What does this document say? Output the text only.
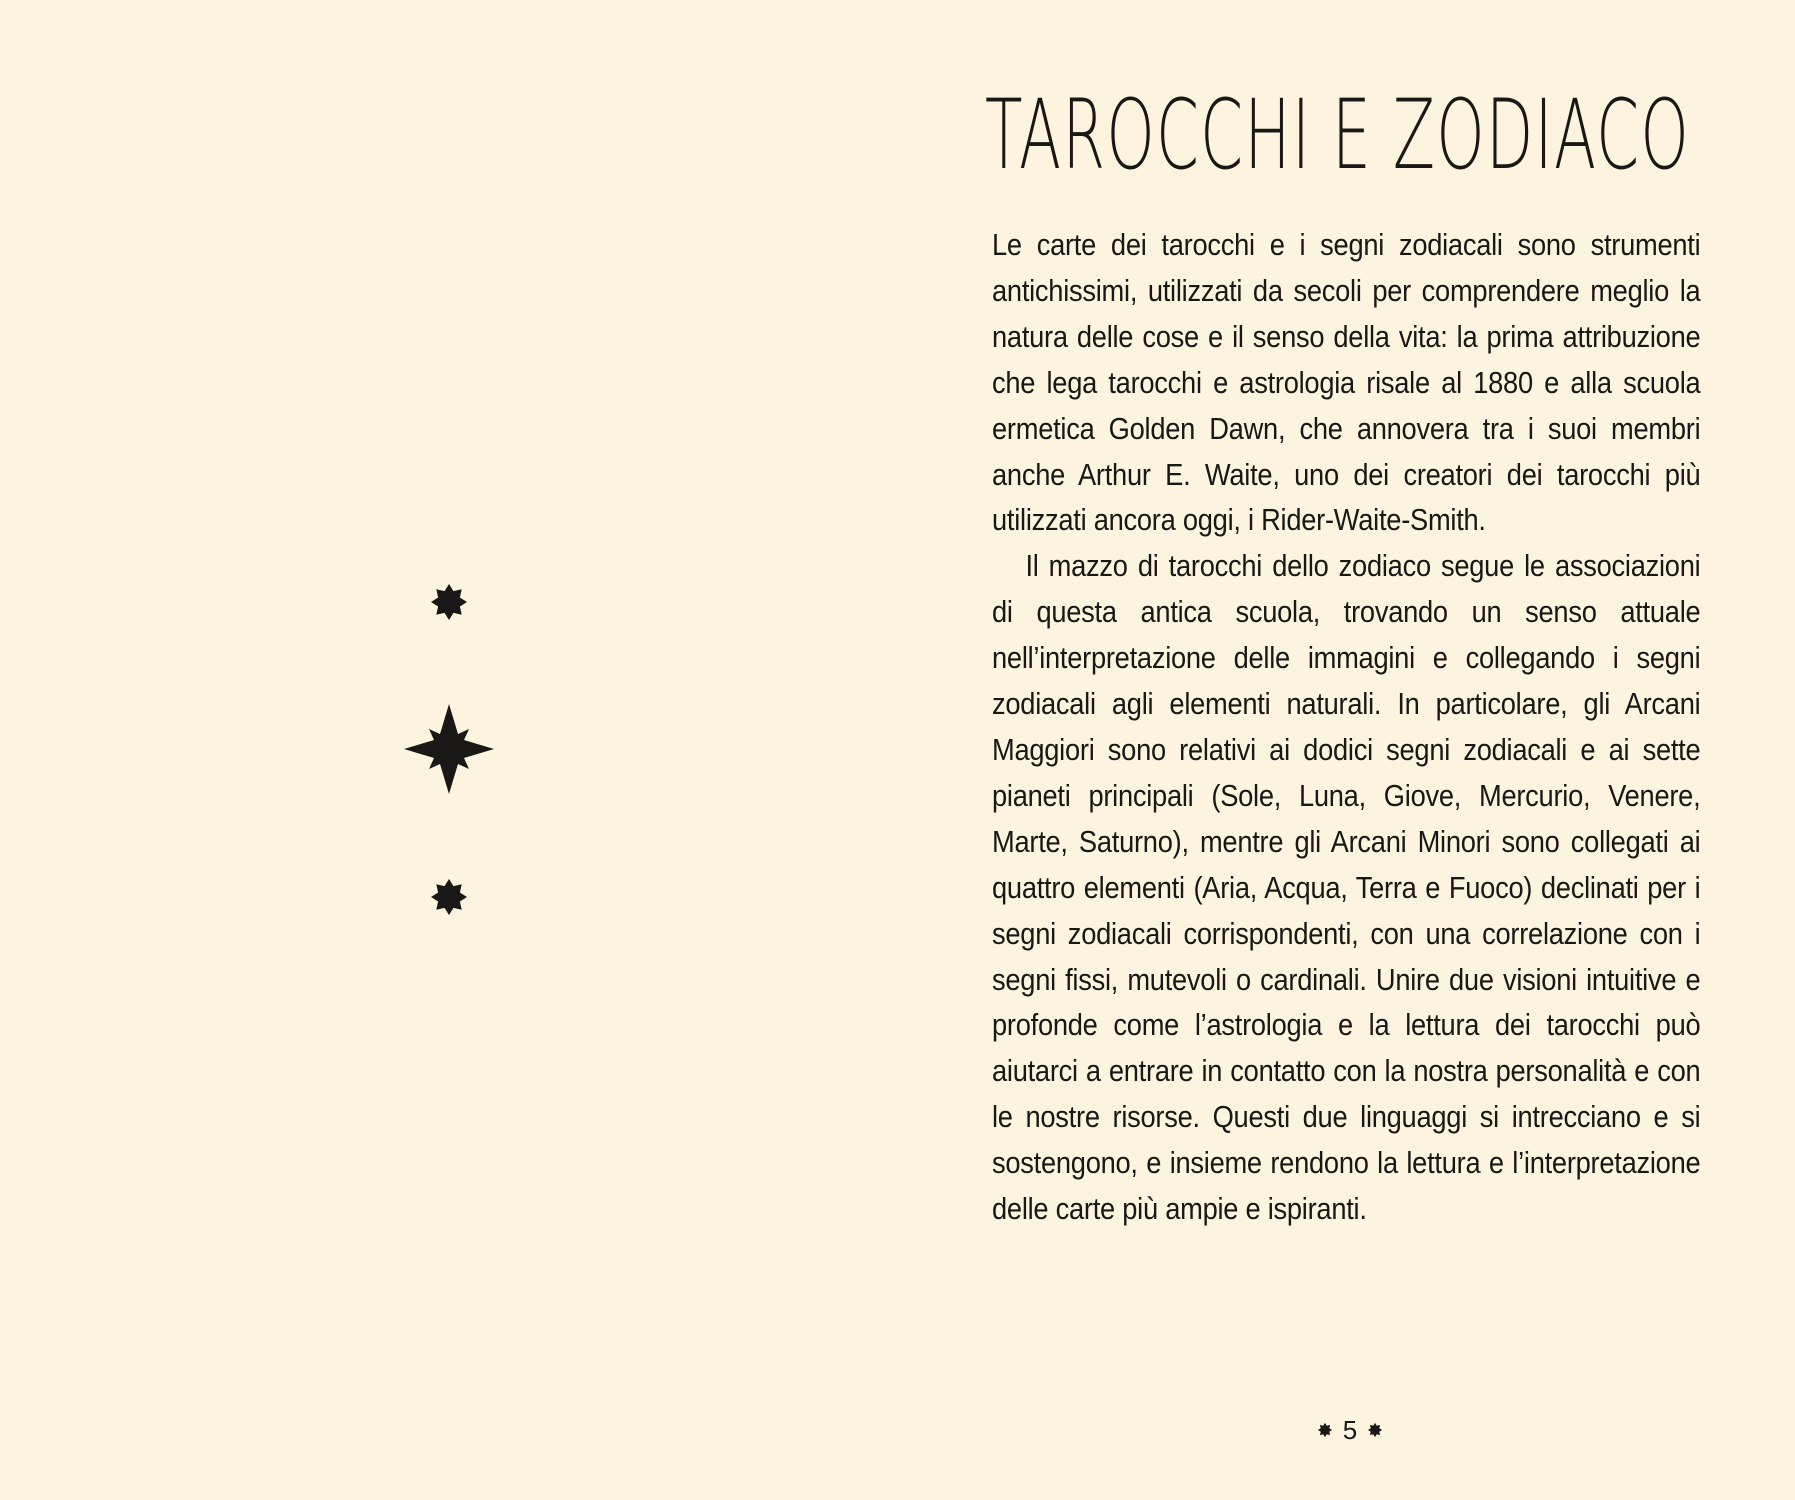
TAROCCHI E ZODIACO

Le carte dei tarocchi e i segni zodiacali sono strumenti antichissimi, utilizzati da secoli per comprendere meglio la natura delle cose e il senso della vita: la prima attribuzione che lega tarocchi e astrologia risale al 1880 e alla scuola ermetica Golden Dawn, che annovera tra i suoi membri anche Arthur E. Waite, uno dei creatori dei tarocchi più utilizzati ancora oggi, i Rider-Waite-Smith.

Il mazzo di tarocchi dello zodiaco segue le associazioni di questa antica scuola, trovando un senso attuale nell’interpretazione delle immagini e collegando i segni zodiacali agli elementi naturali. In particolare, gli Arcani Maggiori sono relativi ai dodici segni zodiacali e ai sette pianeti principali (Sole, Luna, Giove, Mercurio, Venere, Marte, Saturno), mentre gli Arcani Minori sono collegati ai quattro elementi (Aria, Acqua, Terra e Fuoco) declinati per i segni zodiacali corrispondenti, con una correlazione con i segni fissi, mutevoli o cardinali. Unire due visioni intuitive e profonde come l’astrologia e la lettura dei tarocchi può aiutarci a entrare in contatto con la nostra personalità e con le nostre risorse. Questi due linguaggi si intrecciano e si sostengono, e insieme rendono la lettura e l’interpretazione delle carte più ampie e ispiranti.

5
